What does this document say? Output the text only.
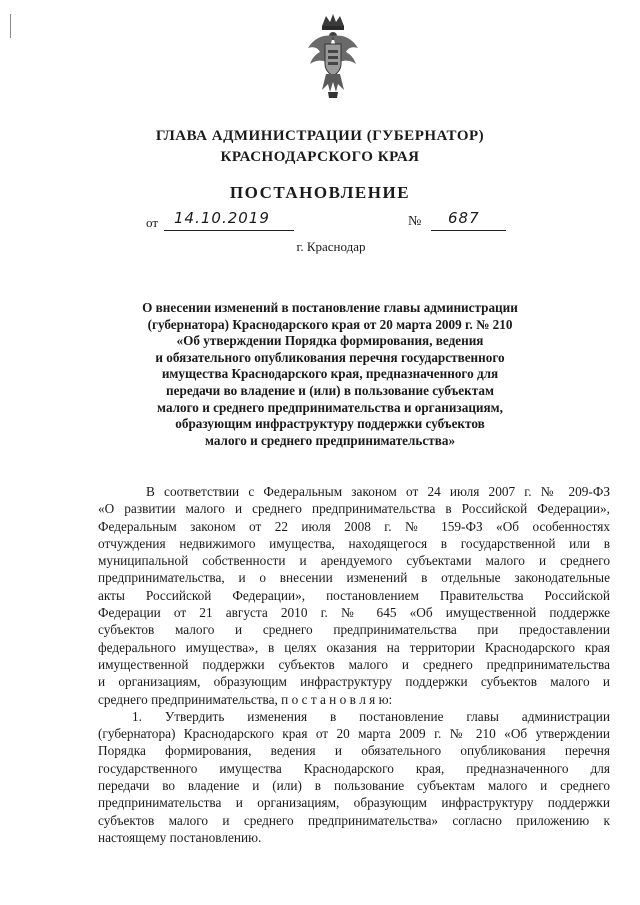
ГЛАВА АДМИНИСТРАЦИИ (ГУБЕРНАТОР)
КРАСНОДАРСКОГО КРАЯ
ПОСТАНОВЛЕНИЕ
от 14.10.2019	№ 687
г. Краснодар
О внесении изменений в постановление главы администрации
(губернатора) Краснодарского края от 20 марта 2009 г. № 210
«Об утверждении Порядка формирования, ведения
и обязательного опубликования перечня государственного
имущества Краснодарского края, предназначенного для
передачи во владение и (или) в пользование субъектам
малого и среднего предпринимательства и организациям,
образующим инфраструктуру поддержки субъектов
малого и среднего предпринимательства»
В соответствии с Федеральным законом от 24 июля 2007 г. № 209-ФЗ
«О развитии малого и среднего предпринимательства в Российской Федерации»,
Федеральным законом от 22 июля 2008 г. № 159-ФЗ «Об особенностях
отчуждения недвижимого имущества, находящегося в государственной или в
муниципальной собственности и арендуемого субъектами малого и среднего
предпринимательства, и о внесении изменений в отдельные законодательные
акты Российской Федерации», постановлением Правительства Российской
Федерации от 21 августа 2010 г. № 645 «Об имущественной поддержке
субъектов малого и среднего предпринимательства при предоставлении
федерального имущества», в целях оказания на территории Краснодарского края
имущественной поддержки субъектов малого и среднего предпринимательства
и организациям, образующим инфраструктуру поддержки субъектов малого и
среднего предпринимательства, п о с т а н о в л я ю:
1. Утвердить изменения в постановление главы администрации
(губернатора) Краснодарского края от 20 марта 2009 г. № 210 «Об утверждении
Порядка формирования, ведения и обязательного опубликования перечня
государственного имущества Краснодарского края, предназначенного для
передачи во владение и (или) в пользование субъектам малого и среднего
предпринимательства и организациям, образующим инфраструктуру поддержки
субъектов малого и среднего предпринимательства» согласно приложению к
настоящему постановлению.
